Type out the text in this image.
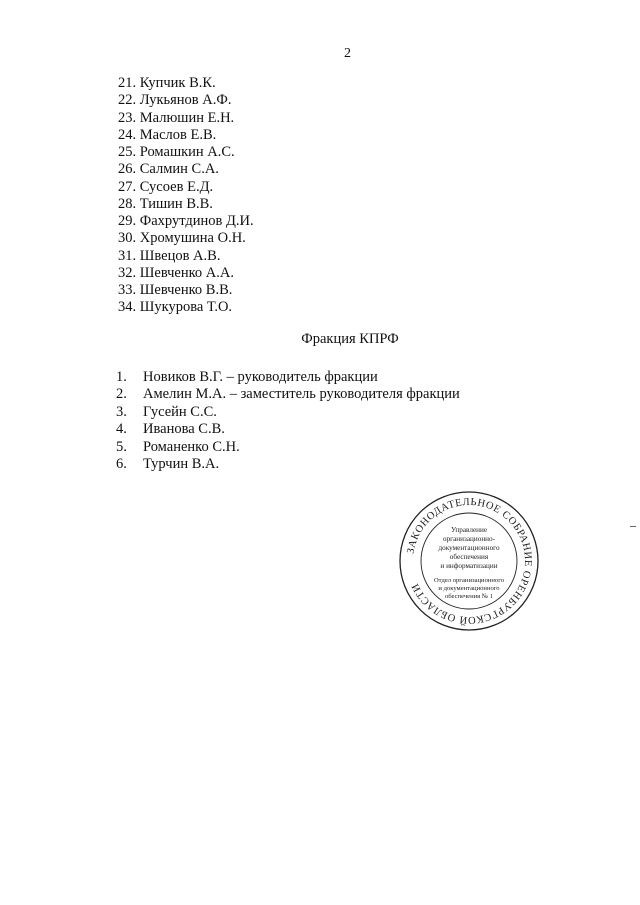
2
21. Купчик В.К.
22. Лукьянов А.Ф.
23. Малюшин Е.Н.
24. Маслов Е.В.
25. Ромашкин А.С.
26. Салмин С.А.
27. Сусоев Е.Д.
28. Тишин В.В.
29. Фахрутдинов Д.И.
30. Хромушина О.Н.
31. Швецов А.В.
32. Шевченко А.А.
33. Шевченко В.В.
34. Шукурова Т.О.
Фракция КПРФ
1. Новиков В.Г. – руководитель фракции
2. Амелин М.А. – заместитель руководителя фракции
3. Гусейн С.С.
4. Иванова С.В.
5. Романенко С.Н.
6. Турчин В.А.
ЗАКОНОДАТЕЛЬНОЕ СОБРАНИЕ ОРЕНБУРГСКОЙ ОБЛАСТИ
Управление
организационно-
документационного
обеспечения
и информатизации
Отдел организационного
и документационного
обеспечения № 1
